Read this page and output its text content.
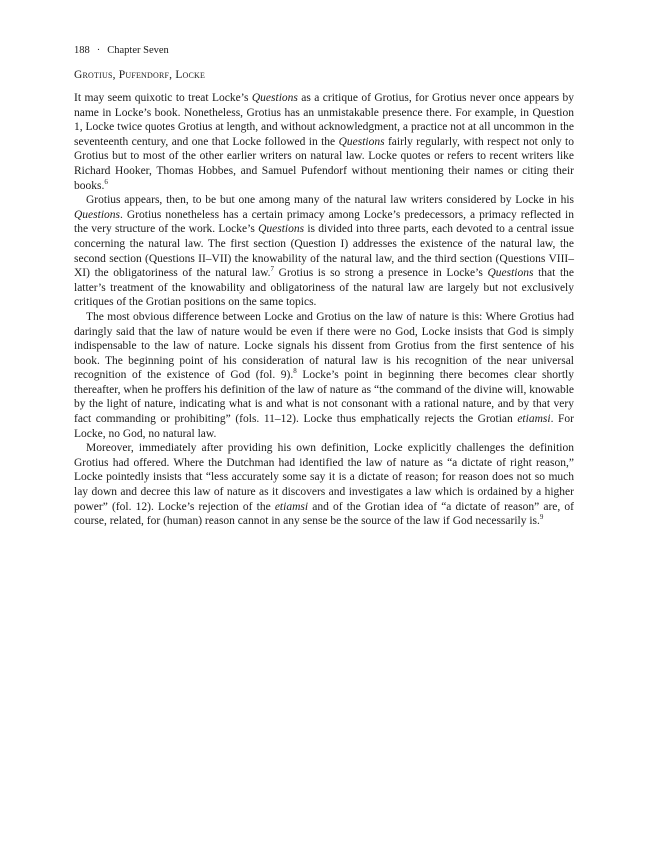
188 · Chapter Seven
Grotius, Pufendorf, Locke

It may seem quixotic to treat Locke’s Questions as a critique of Grotius, for Grotius never once appears by name in Locke’s book. Nonetheless, Grotius has an unmistakable presence there. For example, in Question 1, Locke twice quotes Grotius at length, and without acknowledgment, a practice not at all uncommon in the seventeenth century, and one that Locke followed in the Questions fairly regularly, with respect not only to Grotius but to most of the other earlier writers on natural law. Locke quotes or refers to recent writers like Richard Hooker, Thomas Hobbes, and Samuel Pufendorf without mentioning their names or citing their books.$^6$

Grotius appears, then, to be but one among many of the natural law writers considered by Locke in his Questions. Grotius nonetheless has a certain primacy among Locke’s predecessors, a primacy reflected in the very structure of the work. Locke’s Questions is divided into three parts, each devoted to a central issue concerning the natural law. The first section (Question I) addresses the existence of the natural law, the second section (Questions II–VII) the knowability of the natural law, and the third section (Questions VIII–XI) the obligatoriness of the natural law.$^7$ Grotius is so strong a presence in Locke’s Questions that the latter’s treatment of the knowability and obligatoriness of the natural law are largely but not exclusively critiques of the Grotian positions on the same topics.

The most obvious difference between Locke and Grotius on the law of nature is this: Where Grotius had daringly said that the law of nature would be even if there were no God, Locke insists that God is simply indispensable to the law of nature. Locke signals his dissent from Grotius from the first sentence of his book. The beginning point of his consideration of natural law is his recognition of the near universal recognition of the existence of God (fol. 9).$^8$ Locke’s point in beginning there becomes clear shortly thereafter, when he proffers his definition of the law of nature as “the command of the divine will, knowable by the light of nature, indicating what is and what is not consonant with a rational nature, and by that very fact commanding or prohibiting” (fols. 11–12). Locke thus emphatically rejects the Grotian etiamsi. For Locke, no God, no natural law.

Moreover, immediately after providing his own definition, Locke explicitly challenges the definition Grotius had offered. Where the Dutchman had identified the law of nature as “a dictate of right reason,” Locke pointedly insists that “less accurately some say it is a dictate of reason; for reason does not so much lay down and decree this law of nature as it discovers and investigates a law which is ordained by a higher power” (fol. 12). Locke’s rejection of the etiamsi and of the Grotian idea of “a dictate of reason” are, of course, related, for (human) reason cannot in any sense be the source of the law if God necessarily is.$^9$
